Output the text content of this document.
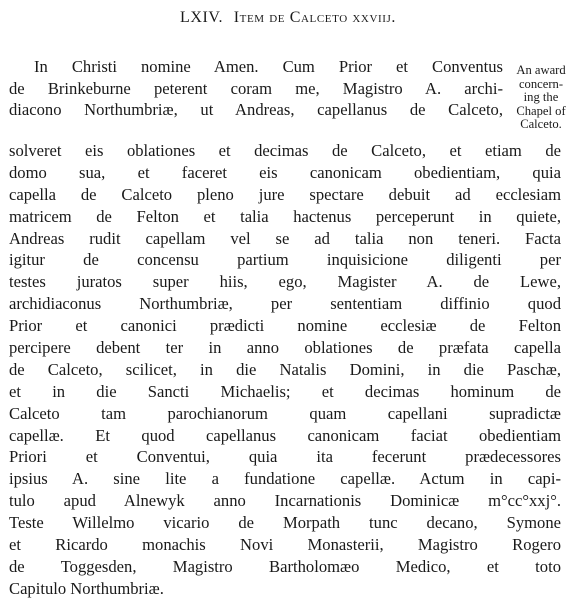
LXIV. Item de Calceto xxviij.
In Christi nomine Amen. Cum Prior et Conventus
de Brinkeburne peterent coram me, Magistro A. archi-
diacono Northumbriæ, ut Andreas, capellanus de Calceto,
An award
concern-
ing the
Chapel of
Calceto.
solveret eis oblationes et decimas de Calceto, et etiam de
domo sua, et faceret eis canonicam obedientiam, quia
capella de Calceto pleno jure spectare debuit ad ecclesiam
matricem de Felton et talia hactenus perceperunt in quiete,
Andreas rudit capellam vel se ad talia non teneri. Facta
igitur de concensu partium inquisicione diligenti per
testes juratos super hiis, ego, Magister A. de Lewe,
archidiaconus Northumbriæ, per sententiam diffinio quod
Prior et canonici prædicti nomine ecclesiæ de Felton
percipere debent ter in anno oblationes de præfata capella
de Calceto, scilicet, in die Natalis Domini, in die Paschæ,
et in die Sancti Michaelis; et decimas hominum de
Calceto tam parochianorum quam capellani supradictæ
capellæ. Et quod capellanus canonicam faciat obedientiam
Priori et Conventui, quia ita fecerunt prædecessores
ipsius A. sine lite a fundatione capellæ. Actum in capi-
tulo apud Alnewyk anno Incarnationis Dominicæ m°cc°xxj°.
Teste Willelmo vicario de Morpath tunc decano, Symone
et Ricardo monachis Novi Monasterii, Magistro Rogero
de Toggesden, Magistro Bartholomæo Medico, et toto
Capitulo Northumbriæ.
